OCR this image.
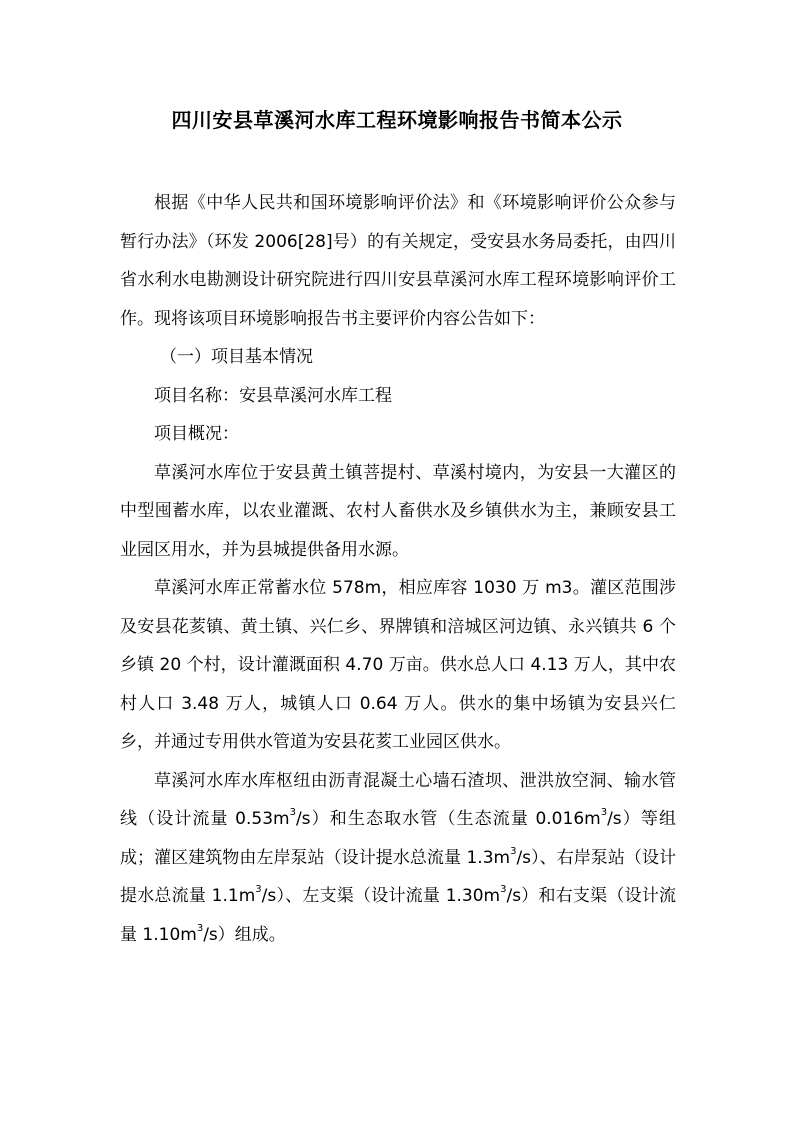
四川安县草溪河水库工程环境影响报告书简本公示

根据《中华人民共和国环境影响评价法》和《环境影响评价公众参与暂行办法》（环发 2006[28]号）的有关规定，受安县水务局委托，由四川省水利水电勘测设计研究院进行四川安县草溪河水库工程环境影响评价工作。现将该项目环境影响报告书主要评价内容公告如下：

（一）项目基本情况

项目名称：安县草溪河水库工程

项目概况：

草溪河水库位于安县黄土镇菩提村、草溪村境内，为安县一大灌区的中型囤蓄水库，以农业灌溉、农村人畜供水及乡镇供水为主，兼顾安县工业园区用水，并为县城提供备用水源。

草溪河水库正常蓄水位 578m，相应库容 1030 万 m3。灌区范围涉及安县花荄镇、黄土镇、兴仁乡、界牌镇和涪城区河边镇、永兴镇共 6 个乡镇 20 个村，设计灌溉面积 4.70 万亩。供水总人口 4.13 万人，其中农村人口 3.48 万人，城镇人口 0.64 万人。供水的集中场镇为安县兴仁乡，并通过专用供水管道为安县花荄工业园区供水。

草溪河水库水库枢纽由沥青混凝土心墙石渣坝、泄洪放空洞、输水管线（设计流量 $0.53m^3/s$）和生态取水管（生态流量 $0.016m^3/s$）等组成；灌区建筑物由左岸泵站（设计提水总流量 $1.3m^3/s$）、右岸泵站（设计提水总流量 $1.1m^3/s$）、左支渠（设计流量 $1.30m^3/s$）和右支渠（设计流量 $1.10m^3/s$）组成。
